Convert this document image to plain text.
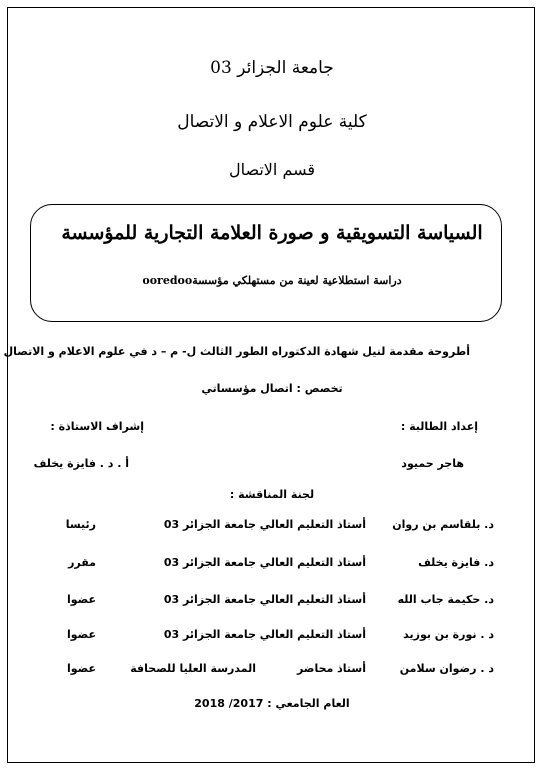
جامعة الجزائر 03
كلية علوم الاعلام و الاتصال
قسم الاتصال
السياسة التسويقية و صورة العلامة التجارية للمؤسسة
دراسة استطلاعية لعينة من مستهلكي مؤسسةooredoo
أطروحة مقدمة لنيل شهادة الدكتوراه الطور الثالث ل- م – د في علوم الاعلام و الاتصال
تخصص : اتصال مؤسساتي
إعداد الطالبة :
إشراف الاستاذة :
هاجر حميود
أ . د . فايزة يخلف
لجنة المناقشة :
د. بلقاسم بن روان
أستاذ التعليم العالي
جامعة الجزائر 03
رئيسا
د. فايزة يخلف
أستاذ التعليم العالي
جامعة الجزائر 03
مقرر
د. حكيمة جاب الله
أستاذ التعليم العالي
جامعة الجزائر 03
عضوا
د . نورة بن بوزيد
أستاذ التعليم العالي
جامعة الجزائر 03
عضوا
د . رضوان سلامن
أستاذ محاضر
المدرسة العليا للصحافة
عضوا
العام الجامعي : 2017/ 2018
